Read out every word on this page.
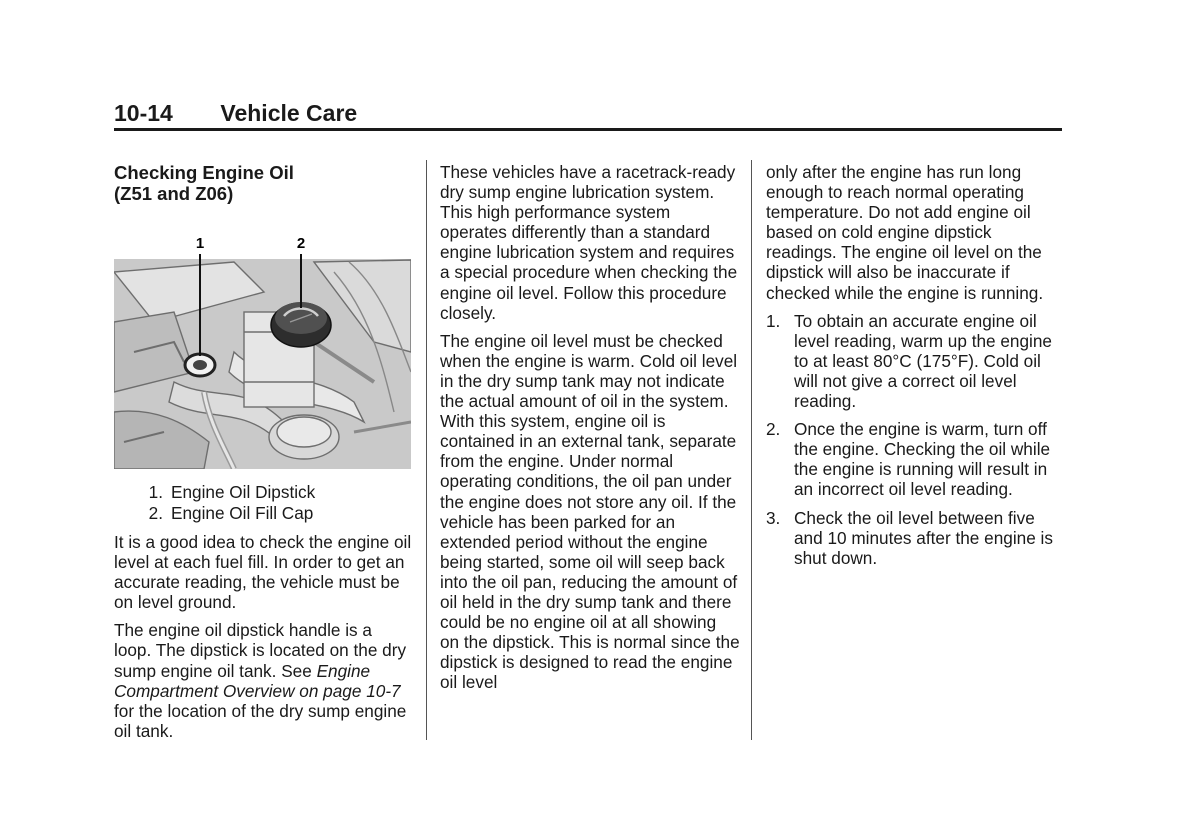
10-14 Vehicle Care
Checking Engine Oil
(Z51 and Z06)
1	2
1. Engine Oil Dipstick
2. Engine Oil Fill Cap

It is a good idea to check the engine oil level at each fuel fill. In order to get an accurate reading, the vehicle must be on level ground.

The engine oil dipstick handle is a loop. The dipstick is located on the dry sump engine oil tank. See Engine Compartment Overview on page 10-7 for the location of the dry sump engine oil tank.

These vehicles have a racetrack-ready dry sump engine lubrication system. This high performance system operates differently than a standard engine lubrication system and requires a special procedure when checking the engine oil level. Follow this procedure closely.

The engine oil level must be checked when the engine is warm. Cold oil level in the dry sump tank may not indicate the actual amount of oil in the system. With this system, engine oil is contained in an external tank, separate from the engine. Under normal operating conditions, the oil pan under the engine does not store any oil. If the vehicle has been parked for an extended period without the engine being started, some oil will seep back into the oil pan, reducing the amount of oil held in the dry sump tank and there could be no engine oil at all showing on the dipstick. This is normal since the dipstick is designed to read the engine oil level

only after the engine has run long enough to reach normal operating temperature. Do not add engine oil based on cold engine dipstick readings. The engine oil level on the dipstick will also be inaccurate if checked while the engine is running.

1. To obtain an accurate engine oil level reading, warm up the engine to at least 80°C (175°F). Cold oil will not give a correct oil level reading.
2. Once the engine is warm, turn off the engine. Checking the oil while the engine is running will result in an incorrect oil level reading.
3. Check the oil level between five and 10 minutes after the engine is shut down.
